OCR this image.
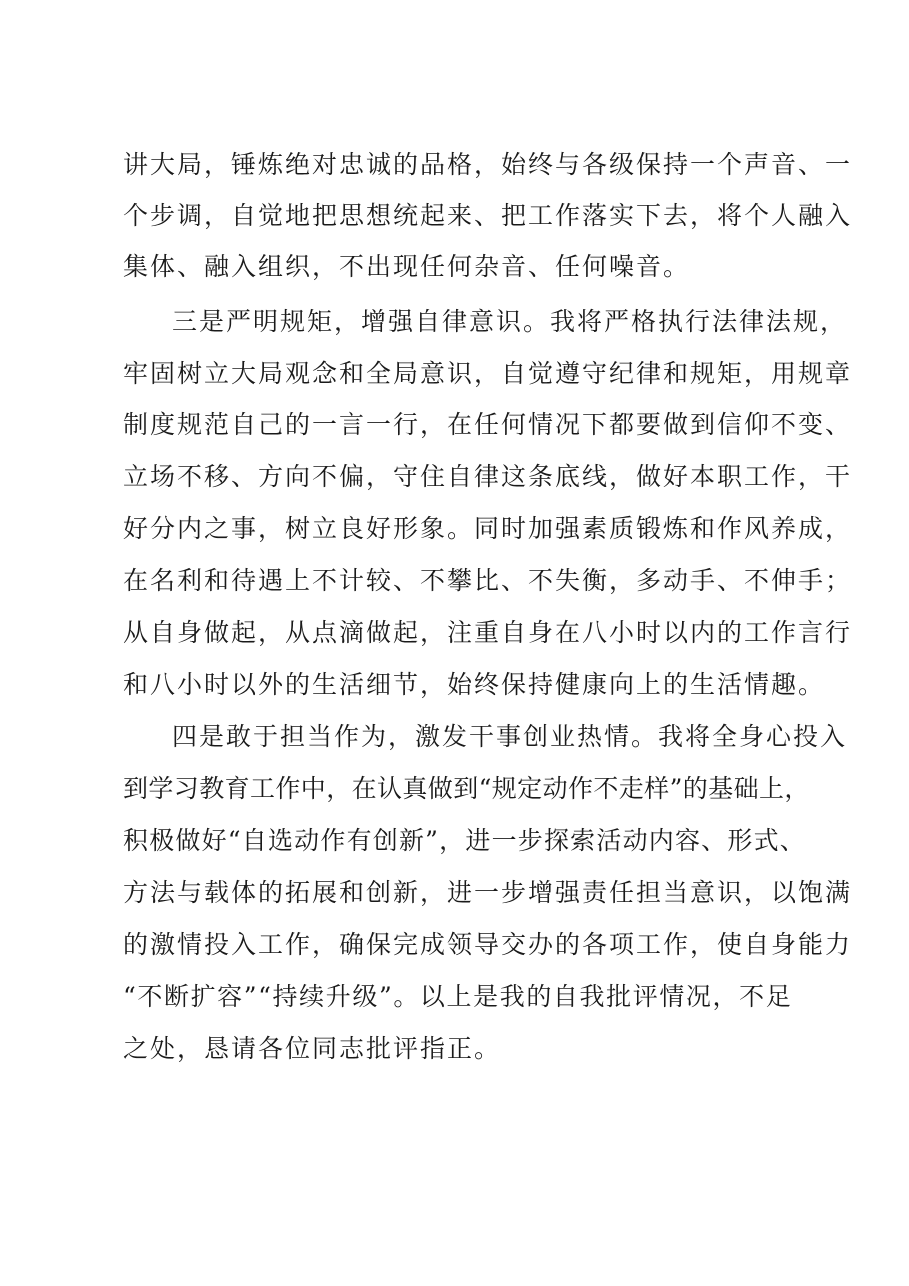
讲大局，锤炼绝对忠诚的品格，始终与各级保持一个声音、一
个步调，自觉地把思想统起来、把工作落实下去，将个人融入
集体、融入组织，不出现任何杂音、任何噪音。
三是严明规矩，增强自律意识。我将严格执行法律法规，
牢固树立大局观念和全局意识，自觉遵守纪律和规矩，用规章
制度规范自己的一言一行，在任何情况下都要做到信仰不变、
立场不移、方向不偏，守住自律这条底线，做好本职工作，干
好分内之事，树立良好形象。同时加强素质锻炼和作风养成，
在名利和待遇上不计较、不攀比、不失衡，多动手、不伸手；
从自身做起，从点滴做起，注重自身在八小时以内的工作言行
和八小时以外的生活细节，始终保持健康向上的生活情趣。
四是敢于担当作为，激发干事创业热情。我将全身心投入
到学习教育工作中，在认真做到“规定动作不走样”的基础上，
积极做好“自选动作有创新”，进一步探索活动内容、形式、
方法与载体的拓展和创新，进一步增强责任担当意识，以饱满
的激情投入工作，确保完成领导交办的各项工作，使自身能力
“不断扩容”“持续升级”。以上是我的自我批评情况，不足
之处，恳请各位同志批评指正。
